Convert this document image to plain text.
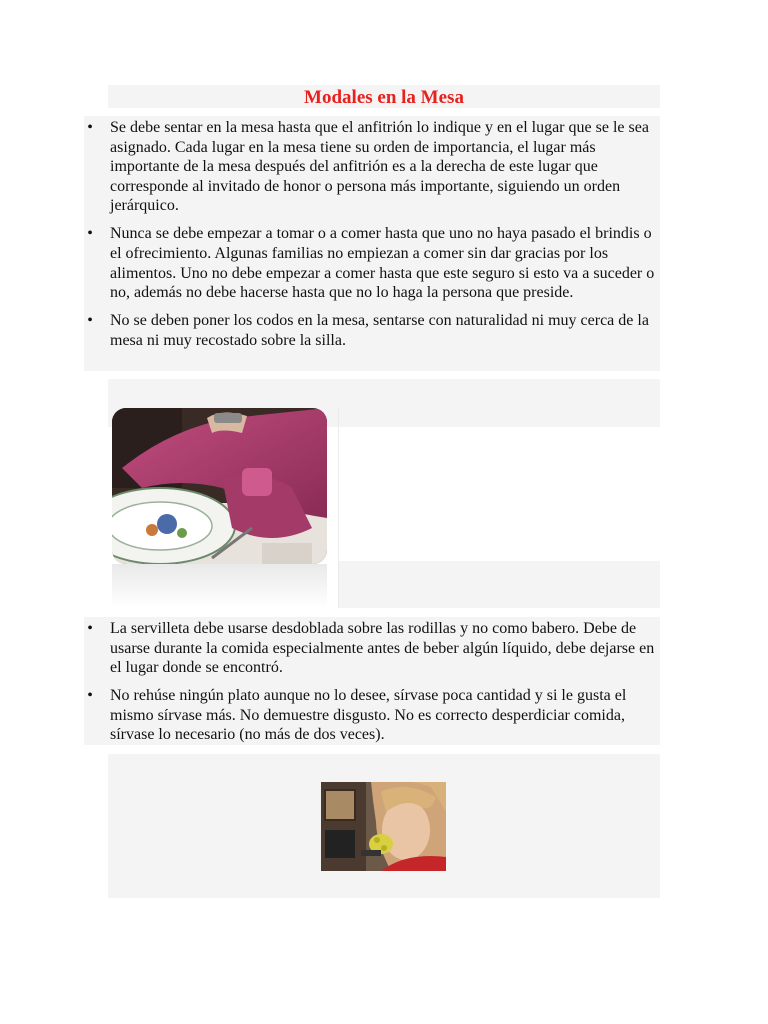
Modales en la Mesa
• Se debe sentar en la mesa hasta que el anfitrión lo indique y en el lugar que se le sea asignado. Cada lugar en la mesa tiene su orden de importancia, el lugar más importante de la mesa después del anfitrión es a la derecha de este lugar que corresponde al invitado de honor o persona más importante, siguiendo un orden jerárquico.
• Nunca se debe empezar a tomar o a comer hasta que uno no haya pasado el brindis o el ofrecimiento. Algunas familias no empiezan a comer sin dar gracias por los alimentos. Uno no debe empezar a comer hasta que este seguro si esto va a suceder o no, además no debe hacerse hasta que no lo haga la persona que preside.
• No se deben poner los codos en la mesa, sentarse con naturalidad ni muy cerca de la mesa ni muy recostado sobre la silla.
• La servilleta debe usarse desdoblada sobre las rodillas y no como babero. Debe de usarse durante la comida especialmente antes de beber algún líquido, debe dejarse en el lugar donde se encontró.
• No rehúse ningún plato aunque no lo desee, sírvase poca cantidad y si le gusta el mismo sírvase más. No demuestre disgusto. No es correcto desperdiciar comida, sírvase lo necesario (no más de dos veces).
